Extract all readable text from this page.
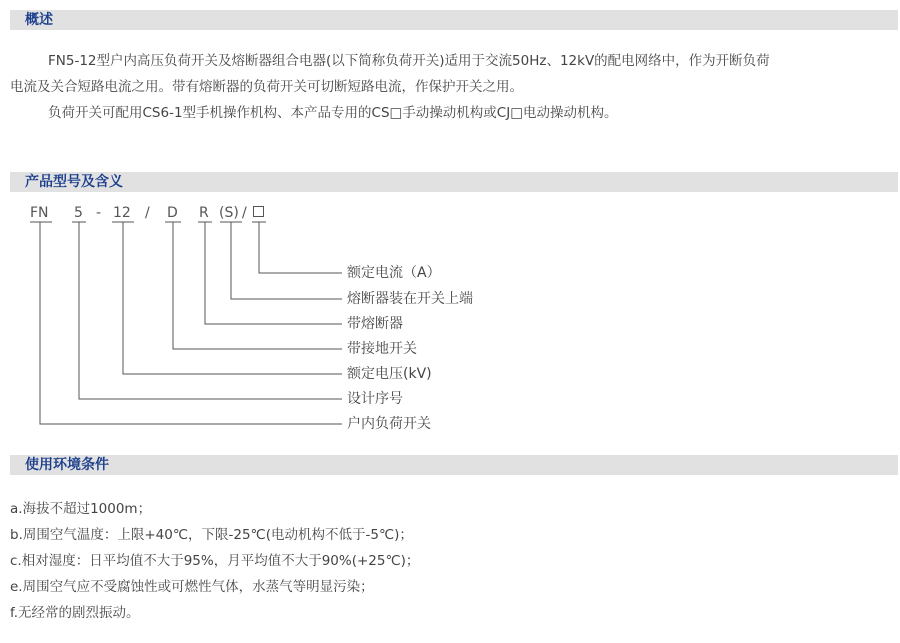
概述

FN5-12型户内高压负荷开关及熔断器组合电器(以下简称负荷开关)适用于交流50Hz、12kV的配电网络中，作为开断负荷

电流及关合短路电流之用。带有熔断器的负荷开关可切断短路电流，作保护开关之用。

负荷开关可配用CS6-1型手机操作机构、本产品专用的CS□手动操动机构或CJ□电动操动机构。

产品型号及含义
FN 5 - 12 / D R (S) /
额定电流（A）
熔断器装在开关上端
带熔断器
带接地开关
额定电压(kV)
设计序号
户内负荷开关
使用环境条件
a.海拔不超过1000m；
b.周围空气温度：上限+40℃，下限-25℃(电动机构不低于-5℃)；
c.相对湿度：日平均值不大于95%，月平均值不大于90%(+25℃)；
e.周围空气应不受腐蚀性或可燃性气体，水蒸气等明显污染；
f.无经常的剧烈振动。
